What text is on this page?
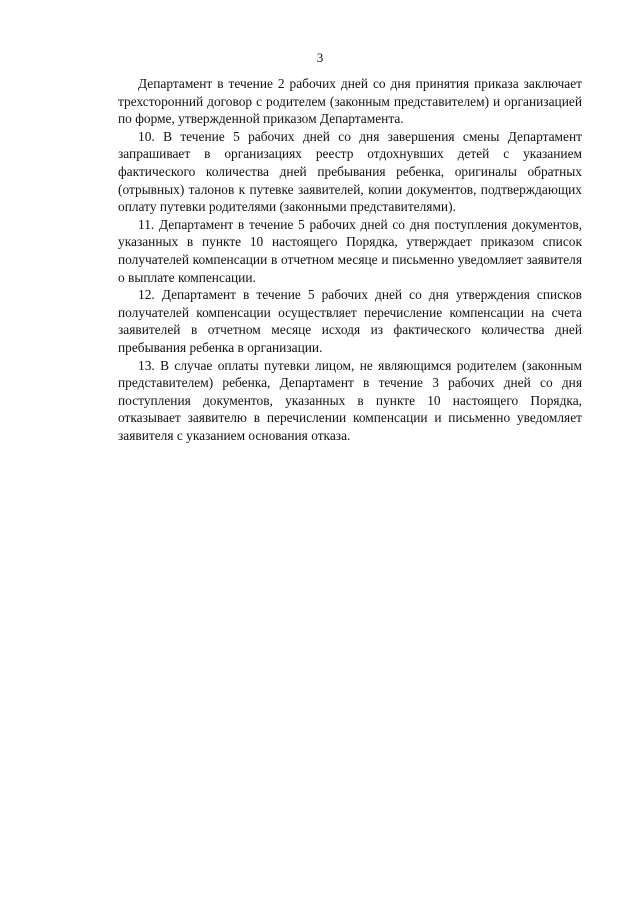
3

Департамент в течение 2 рабочих дней со дня принятия приказа заключает трехсторонний договор с родителем (законным представителем) и организацией по форме, утвержденной приказом Департамента.

10. В течение 5 рабочих дней со дня завершения смены Департамент запрашивает в организациях реестр отдохнувших детей с указанием фактического количества дней пребывания ребенка, оригиналы обратных (отрывных) талонов к путевке заявителей, копии документов, подтверждающих оплату путевки родителями (законными представителями).

11. Департамент в течение 5 рабочих дней со дня поступления документов, указанных в пункте 10 настоящего Порядка, утверждает приказом список получателей компенсации в отчетном месяце и письменно уведомляет заявителя о выплате компенсации.

12. Департамент в течение 5 рабочих дней со дня утверждения списков получателей компенсации осуществляет перечисление компенсации на счета заявителей в отчетном месяце исходя из фактического количества дней пребывания ребенка в организации.

13. В случае оплаты путевки лицом, не являющимся родителем (законным представителем) ребенка, Департамент в течение 3 рабочих дней со дня поступления документов, указанных в пункте 10 настоящего Порядка, отказывает заявителю в перечислении компенсации и письменно уведомляет заявителя с указанием основания отказа.
